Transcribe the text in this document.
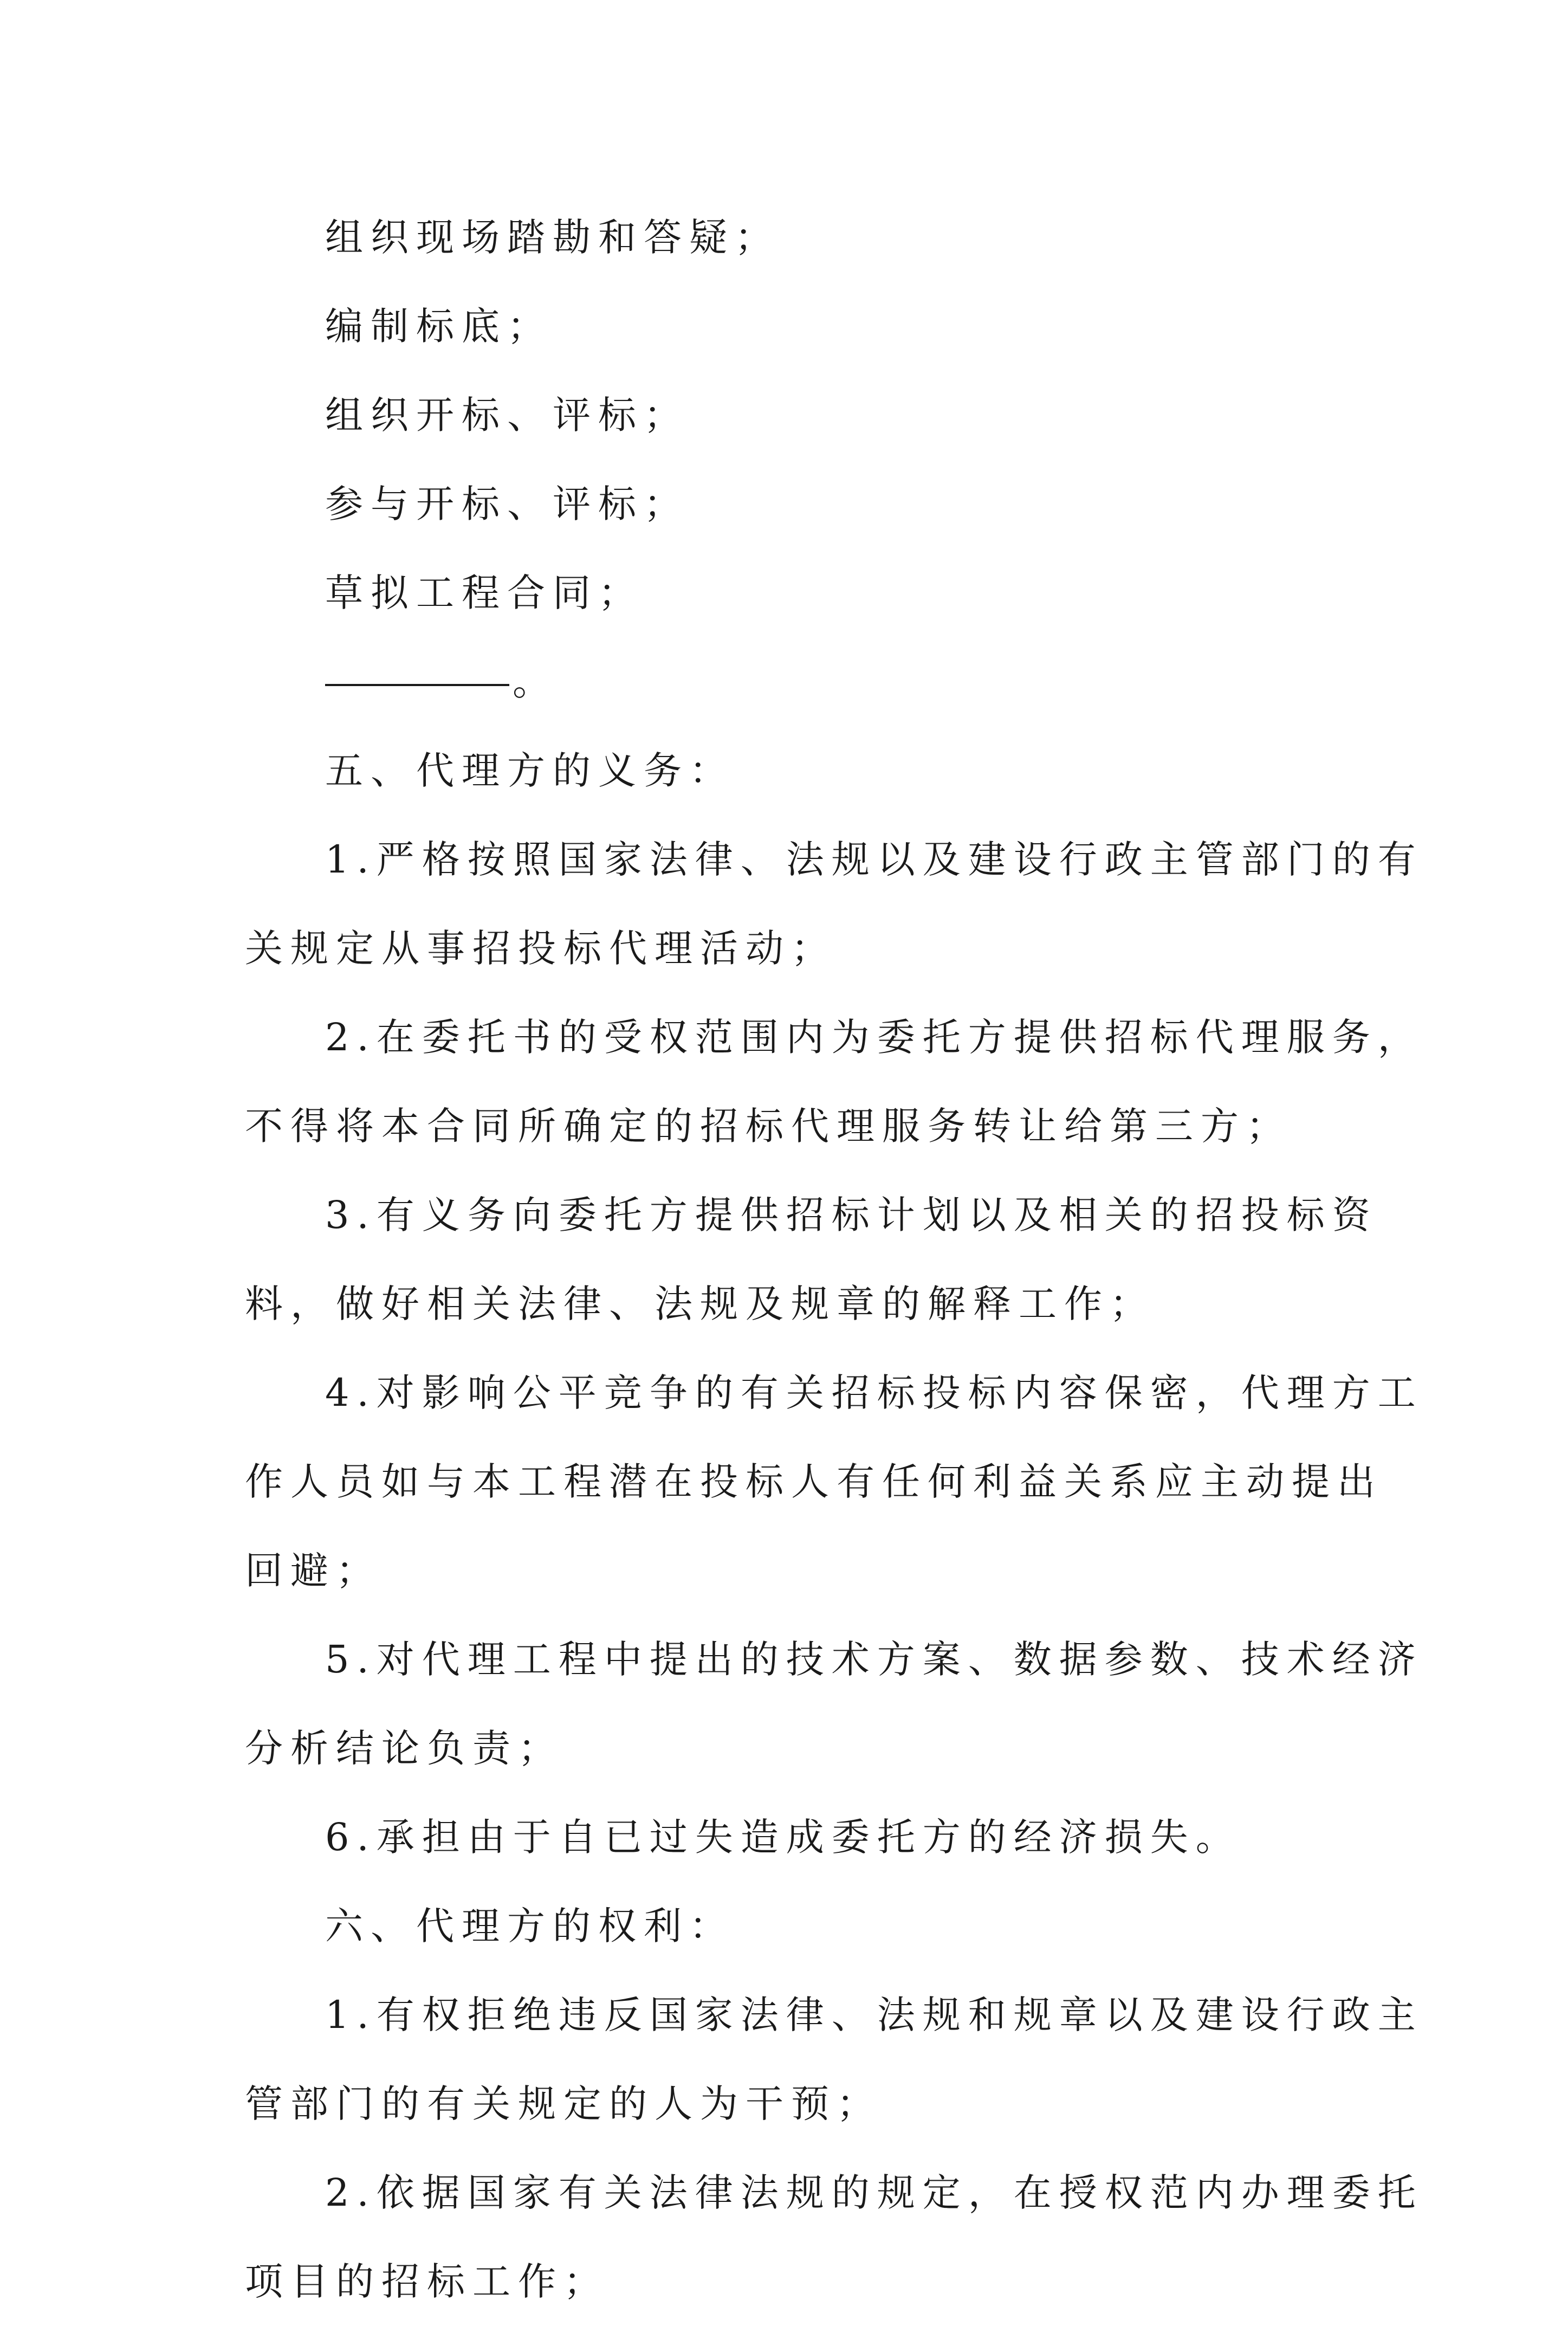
组织现场踏勘和答疑；
编制标底；
组织开标、评标；
参与开标、评标；
草拟工程合同；
。
五、代理方的义务：
1.严格按照国家法律、法规以及建设行政主管部门的有
关规定从事招投标代理活动；
2.在委托书的受权范围内为委托方提供招标代理服务，
不得将本合同所确定的招标代理服务转让给第三方；
3.有义务向委托方提供招标计划以及相关的招投标资
料，做好相关法律、法规及规章的解释工作；
4.对影响公平竞争的有关招标投标内容保密，代理方工
作人员如与本工程潜在投标人有任何利益关系应主动提出
回避；
5.对代理工程中提出的技术方案、数据参数、技术经济
分析结论负责；
6.承担由于自已过失造成委托方的经济损失。
六、代理方的权利：
1.有权拒绝违反国家法律、法规和规章以及建设行政主
管部门的有关规定的人为干预；
2.依据国家有关法律法规的规定，在授权范内办理委托
项目的招标工作；
